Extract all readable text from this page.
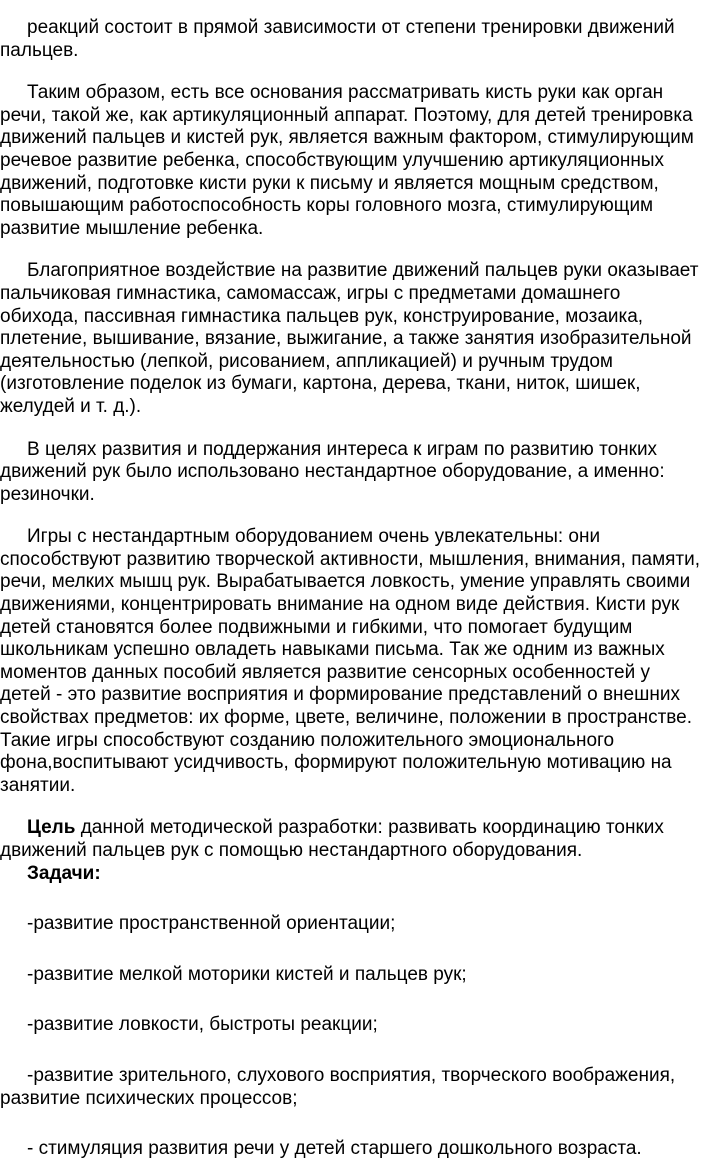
реакций состоит в прямой зависимости от степени тренировки движений пальцев.

Таким образом, есть все основания рассматривать кисть руки как орган речи, такой же, как артикуляционный аппарат. Поэтому, для детей тренировка движений пальцев и кистей рук, является важным фактором, стимулирующим речевое развитие ребенка, способствующим улучшению артикуляционных движений, подготовке кисти руки к письму и является мощным средством, повышающим работоспособность коры головного мозга, стимулирующим развитие мышление ребенка.

Благоприятное воздействие на развитие движений пальцев руки оказывает пальчиковая гимнастика, самомассаж, игры с предметами домашнего обихода, пассивная гимнастика пальцев рук, конструирование, мозаика, плетение, вышивание, вязание, выжигание, а также занятия изобразительной деятельностью (лепкой, рисованием, аппликацией) и ручным трудом (изготовление поделок из бумаги, картона, дерева, ткани, ниток, шишек, желудей и т. д.).

В целях развития и поддержания интереса к играм по развитию тонких движений рук было использовано нестандартное оборудование, а именно: резиночки.

Игры с нестандартным оборудованием очень увлекательны: они способствуют развитию творческой активности, мышления, внимания, памяти, речи, мелких мышц рук. Вырабатывается ловкость, умение управлять своими движениями, концентрировать внимание на одном виде действия. Кисти рук детей становятся более подвижными и гибкими, что помогает будущим школьникам успешно овладеть навыками письма. Так же одним из важных моментов данных пособий является развитие сенсорных особенностей у детей - это развитие восприятия и формирование представлений о внешних свойствах предметов: их форме, цвете, величине, положении в пространстве. Такие игры способствуют созданию положительного эмоционального фона,воспитывают усидчивость, формируют положительную мотивацию на занятии.

Цель данной методической разработки: развивать координацию тонких движений пальцев рук с помощью нестандартного оборудования.

Задачи:

-развитие пространственной ориентации;

-развитие мелкой моторики кистей и пальцев рук;

-развитие ловкости, быстроты реакции;

-развитие зрительного, слухового восприятия, творческого воображения, развитие психических процессов;

- стимуляция развития речи у детей старшего дошкольного возраста.
